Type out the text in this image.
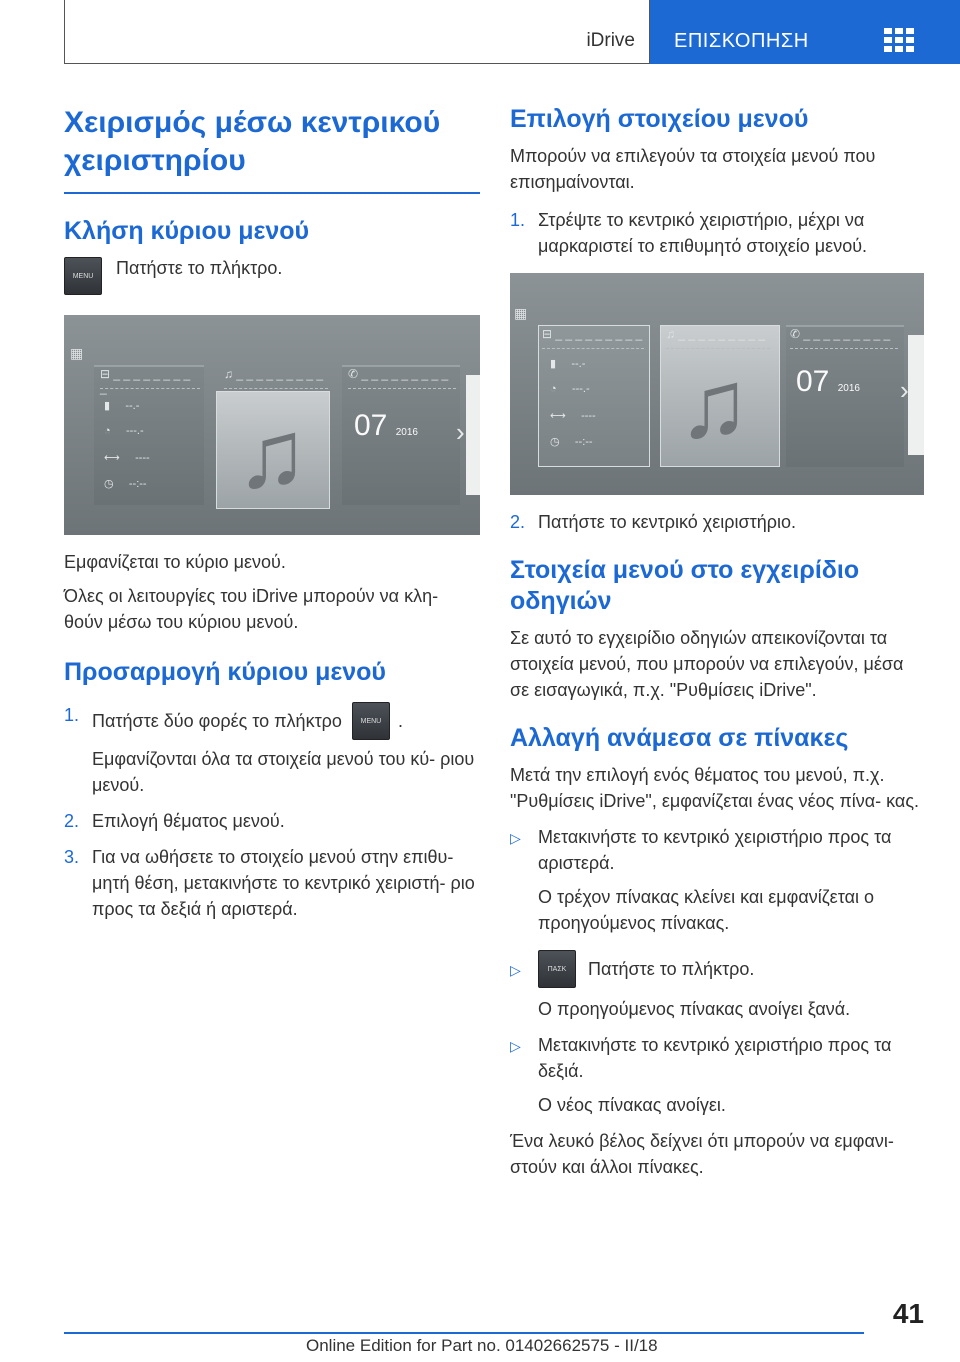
iDrive ΕΠΙΣΚΟΠΗΣΗ
Χειρισμός μέσω κεντρικού χειριστηρίου
Κλήση κύριου μενού
MENU	Πατήστε το πλήκτρο.
▦
⊟ _ _ _ _ _ _ _ _ _
♫ _ _ _ _ _ _ _ _ _	✆ _ _ _ _ _ _ _ _ _
▮     --.-
◔     ---.-
⟷     ----
◷     --:-- ♫ 07 2016 ›
Εμφανίζεται το κύριο μενού.
Όλες οι λειτουργίες του iDrive μπορούν να κλη‐ θούν μέσω του κύριου μενού.
Προσαρμογή κύριου μενού
1. Πατήστε δύο φορές το πλήκτρο	MENU .
Εμφανίζονται όλα τα στοιχεία μενού του κύ‐ ριου μενού.
2. Επιλογή θέματος μενού.
3. Για να ωθήσετε το στοιχείο μενού στην επιθυ‐ μητή θέση, μετακινήστε το κεντρικό χειριστή‐ ριο προς τα δεξιά ή αριστερά.
Επιλογή στοιχείου μενού
Μπορούν να επιλεγούν τα στοιχεία μενού που επισημαίνονται.
1. Στρέψτε το κεντρικό χειριστήριο, μέχρι να μαρκαριστεί το επιθυμητό στοιχείο μενού.
▦
⊟ _ _ _ _ _ _ _ _ _ ♫ _ _ _ _ _ _ _ _ _	✆ _ _ _ _ _ _ _ _ _
▮     --.-
◔     ---.-
⟷     ----
◷     --:-- ♫ 07 2016 ›
2. Πατήστε το κεντρικό χειριστήριο.
Στοιχεία μενού στο εγχειρίδιο οδηγιών
Σε αυτό το εγχειρίδιο οδηγιών απεικονίζονται τα στοιχεία μενού, που μπορούν να επιλεγούν, μέσα σε εισαγωγικά, π.χ. "Ρυθμίσεις iDrive".
Αλλαγή ανάμεσα σε πίνακες
Μετά την επιλογή ενός θέματος του μενού, π.χ. "Ρυθμίσεις iDrive", εμφανίζεται ένας νέος πίνα‐ κας.
▷ Μετακινήστε το κεντρικό χειριστήριο προς τα αριστερά.
Ο τρέχον πίνακας κλείνει και εμφανίζεται ο προηγούμενος πίνακας.
▷	ΠΑΣΚ	Πατήστε το πλήκτρο.
Ο προηγούμενος πίνακας ανοίγει ξανά.
▷ Μετακινήστε το κεντρικό χειριστήριο προς τα δεξιά.
Ο νέος πίνακας ανοίγει.
Ένα λευκό βέλος δείχνει ότι μπορούν να εμφανι‐ στούν και άλλοι πίνακες.
41
Online Edition for Part no. 01402662575 - II/18
